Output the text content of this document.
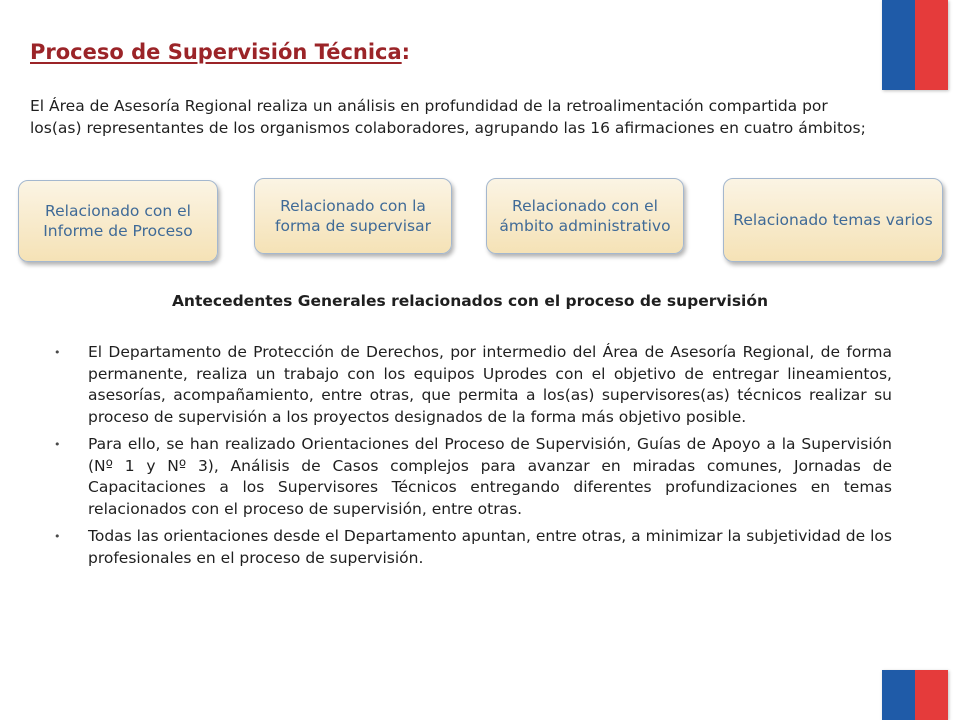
Proceso de Supervisión Técnica:

El Área de Asesoría Regional realiza un análisis en profundidad de la retroalimentación compartida por los(as) representantes de los organismos colaboradores, agrupando las 16 afirmaciones en cuatro ámbitos;

Relacionado con el Informe de Proceso
Relacionado con la forma de supervisar
Relacionado con el ámbito administrativo	Relacionado temas varios
Antecedentes Generales relacionados con el proceso de supervisión
• El Departamento de Protección de Derechos, por intermedio del Área de Asesoría Regional, de forma permanente, realiza un trabajo con los equipos Uprodes con el objetivo de entregar lineamientos, asesorías, acompañamiento, entre otras, que permita a los(as) supervisores(as) técnicos realizar su proceso de supervisión a los proyectos designados de la forma más objetivo posible.
• Para ello, se han realizado Orientaciones del Proceso de Supervisión, Guías de Apoyo a la Supervisión (Nº 1 y Nº 3), Análisis de Casos complejos para avanzar en miradas comunes, Jornadas de Capacitaciones a los Supervisores Técnicos entregando diferentes profundizaciones en temas relacionados con el proceso de supervisión, entre otras.
• Todas las orientaciones desde el Departamento apuntan, entre otras, a minimizar la subjetividad de los profesionales en el proceso de supervisión.
